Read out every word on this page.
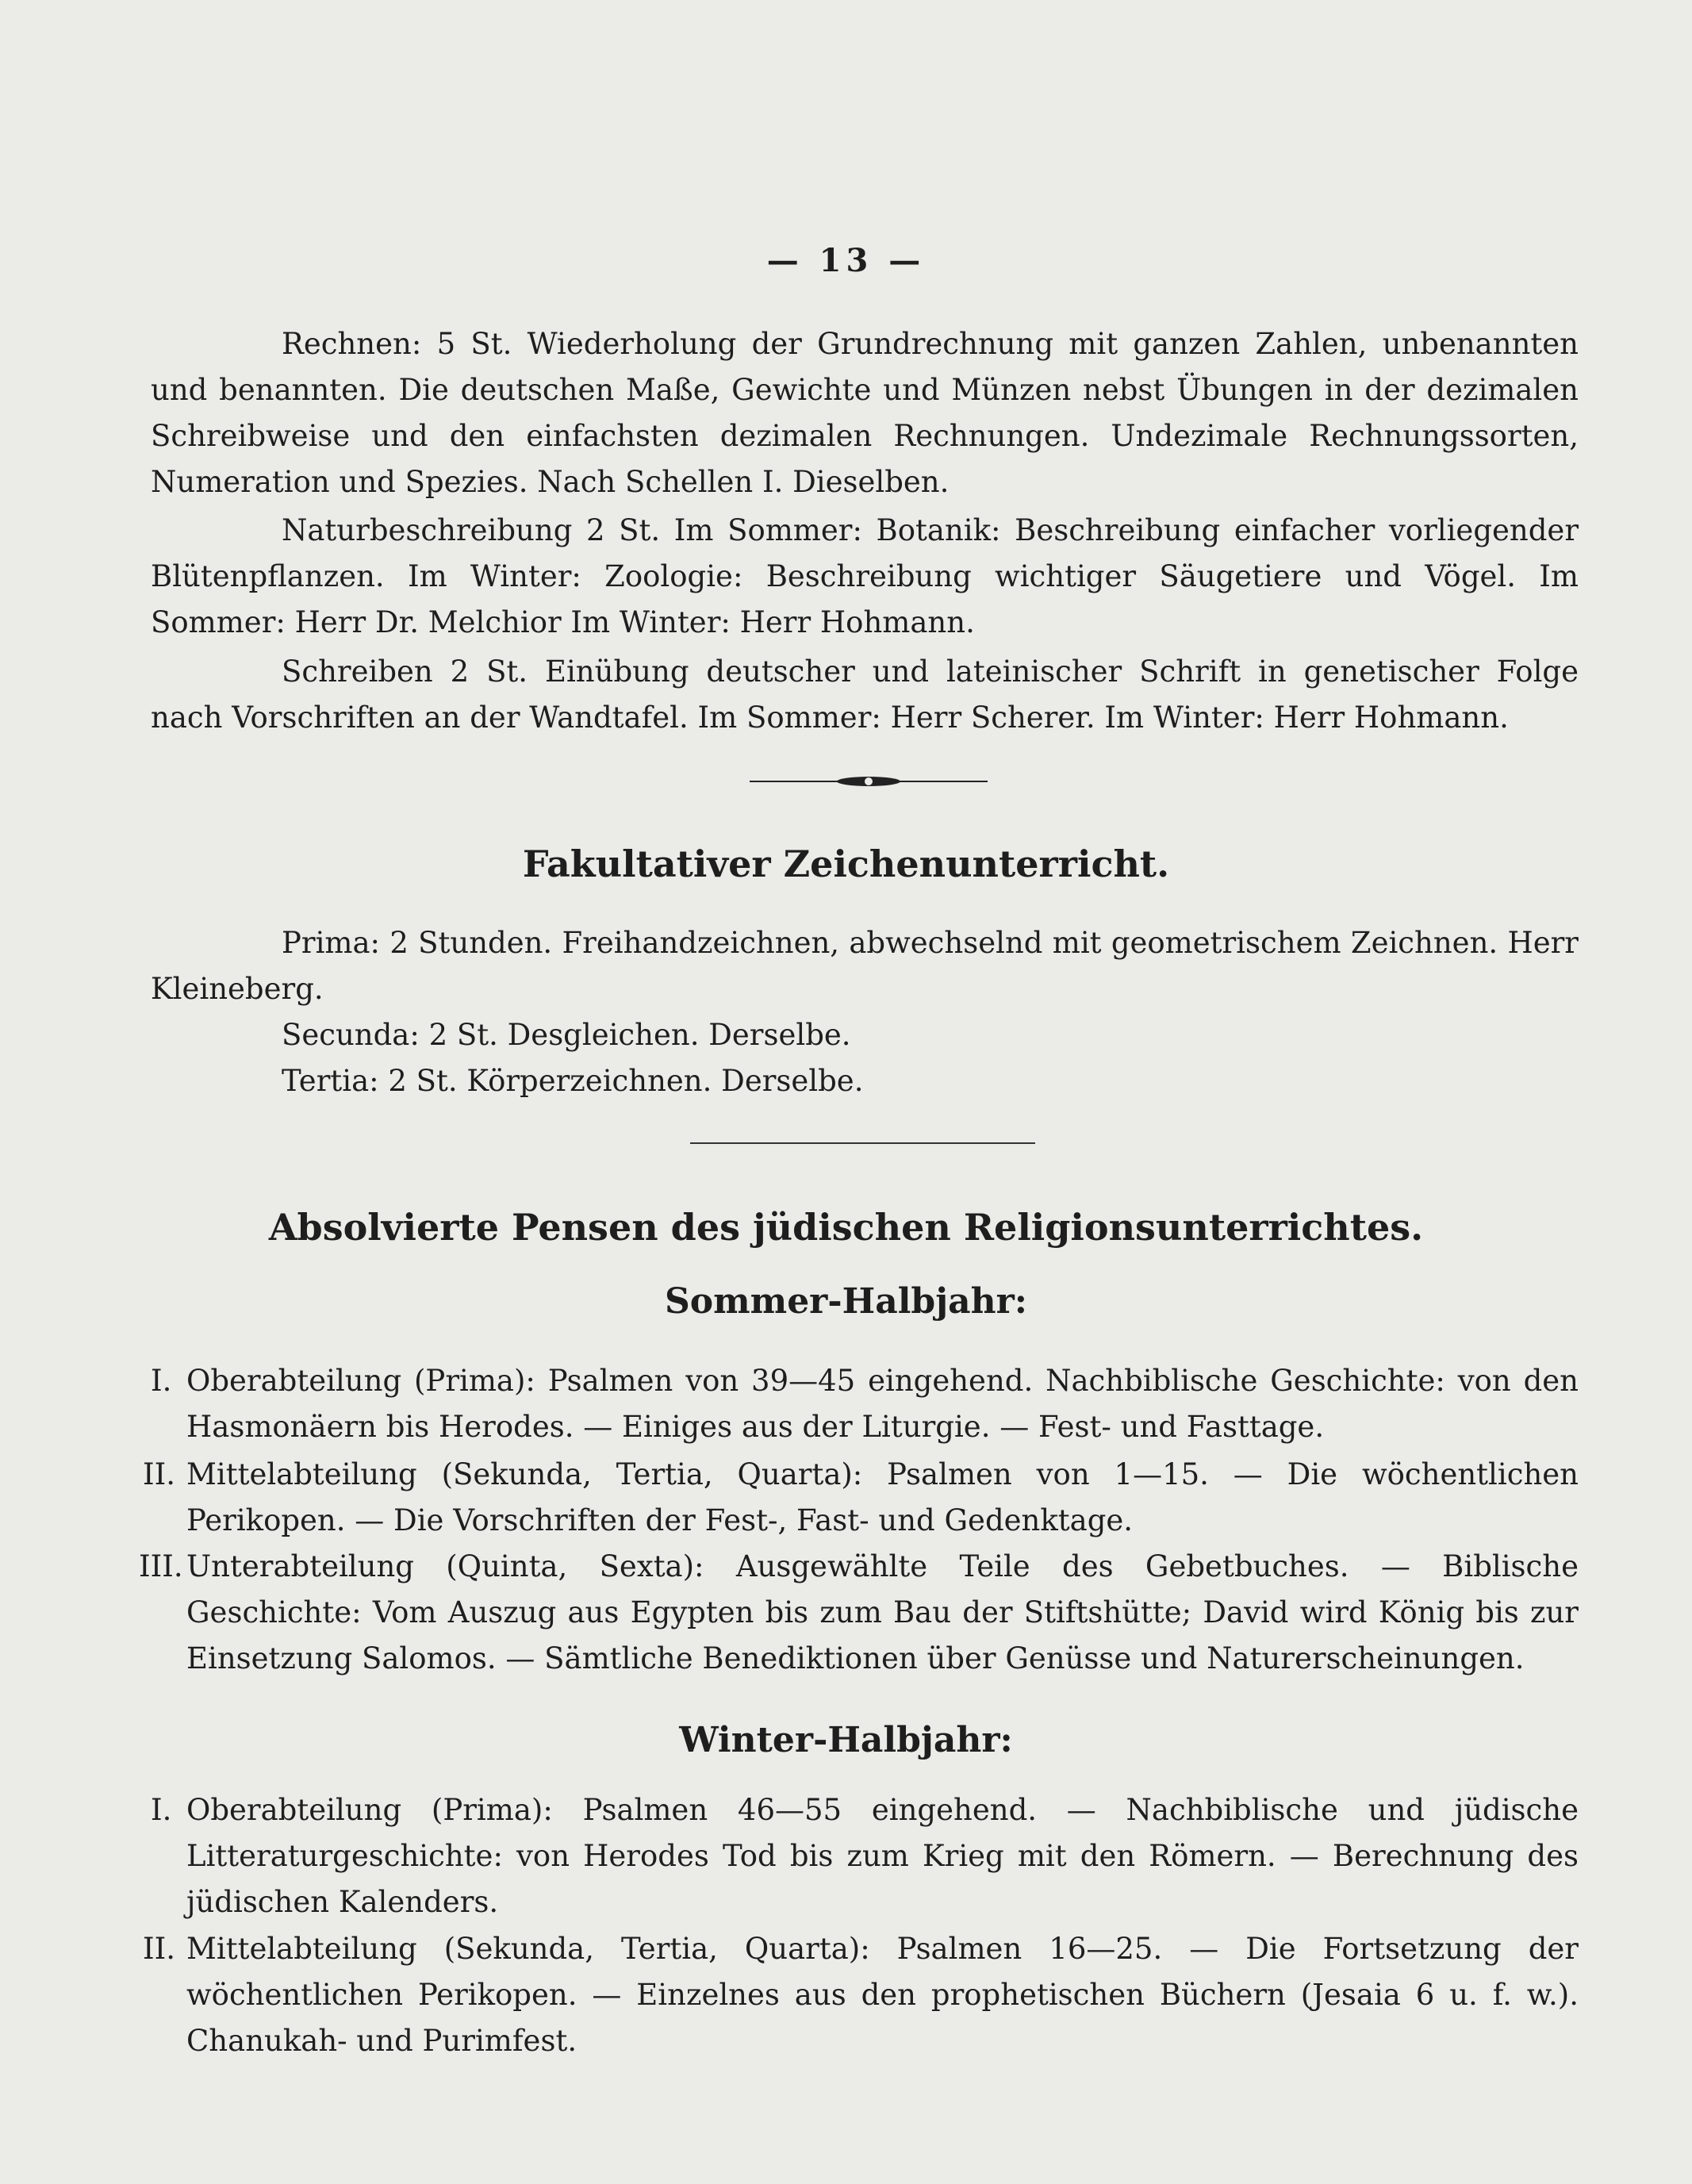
— 13 —

Rechnen: 5 St. Wiederholung der Grundrechnung mit ganzen Zahlen, unbenannten und benannten. Die deutschen Maße, Gewichte und Münzen nebst Übungen in der dezimalen Schreibweise und den einfachsten dezimalen Rechnungen. Undezimale Rechnungssorten, Numeration und Spezies. Nach Schellen I. Dieselben.

Naturbeschreibung 2 St. Im Sommer: Botanik: Beschreibung einfacher vorliegender Blütenpflanzen. Im Winter: Zoologie: Beschreibung wichtiger Säugetiere und Vögel. Im Sommer: Herr Dr. Melchior Im Winter: Herr Hohmann.

Schreiben 2 St. Einübung deutscher und lateinischer Schrift in genetischer Folge nach Vorschriften an der Wandtafel. Im Sommer: Herr Scherer. Im Winter: Herr Hohmann.

Fakultativer Zeichenunterricht.

Prima: 2 Stunden. Freihandzeichnen, abwechselnd mit geometrischem Zeichnen. Herr Kleineberg.

Secunda: 2 St. Desgleichen. Derselbe.

Tertia: 2 St. Körperzeichnen. Derselbe.

Absolvierte Pensen des jüdischen Religionsunterrichtes.
Sommer-Halbjahr:
I. Oberabteilung (Prima): Psalmen von 39—45 eingehend. Nachbiblische Geschichte: von den Hasmonäern bis Herodes. — Einiges aus der Liturgie. — Fest- und Fasttage.
II. Mittelabteilung (Sekunda, Tertia, Quarta): Psalmen von 1—15. — Die wöchentlichen Perikopen. — Die Vorschriften der Fest-, Fast- und Gedenktage.
III. Unterabteilung (Quinta, Sexta): Ausgewählte Teile des Gebetbuches. — Biblische Geschichte: Vom Auszug aus Egypten bis zum Bau der Stiftshütte; David wird König bis zur Einsetzung Salomos. — Sämtliche Benediktionen über Genüsse und Naturerscheinungen.
Winter-Halbjahr:
I. Oberabteilung (Prima): Psalmen 46—55 eingehend. — Nachbiblische und jüdische Litteraturgeschichte: von Herodes Tod bis zum Krieg mit den Römern. — Berechnung des jüdischen Kalenders.
II. Mittelabteilung (Sekunda, Tertia, Quarta): Psalmen 16—25. — Die Fortsetzung der wöchentlichen Perikopen. — Einzelnes aus den prophetischen Büchern (Jesaia 6 u. f. w.). Chanukah- und Purimfest.
